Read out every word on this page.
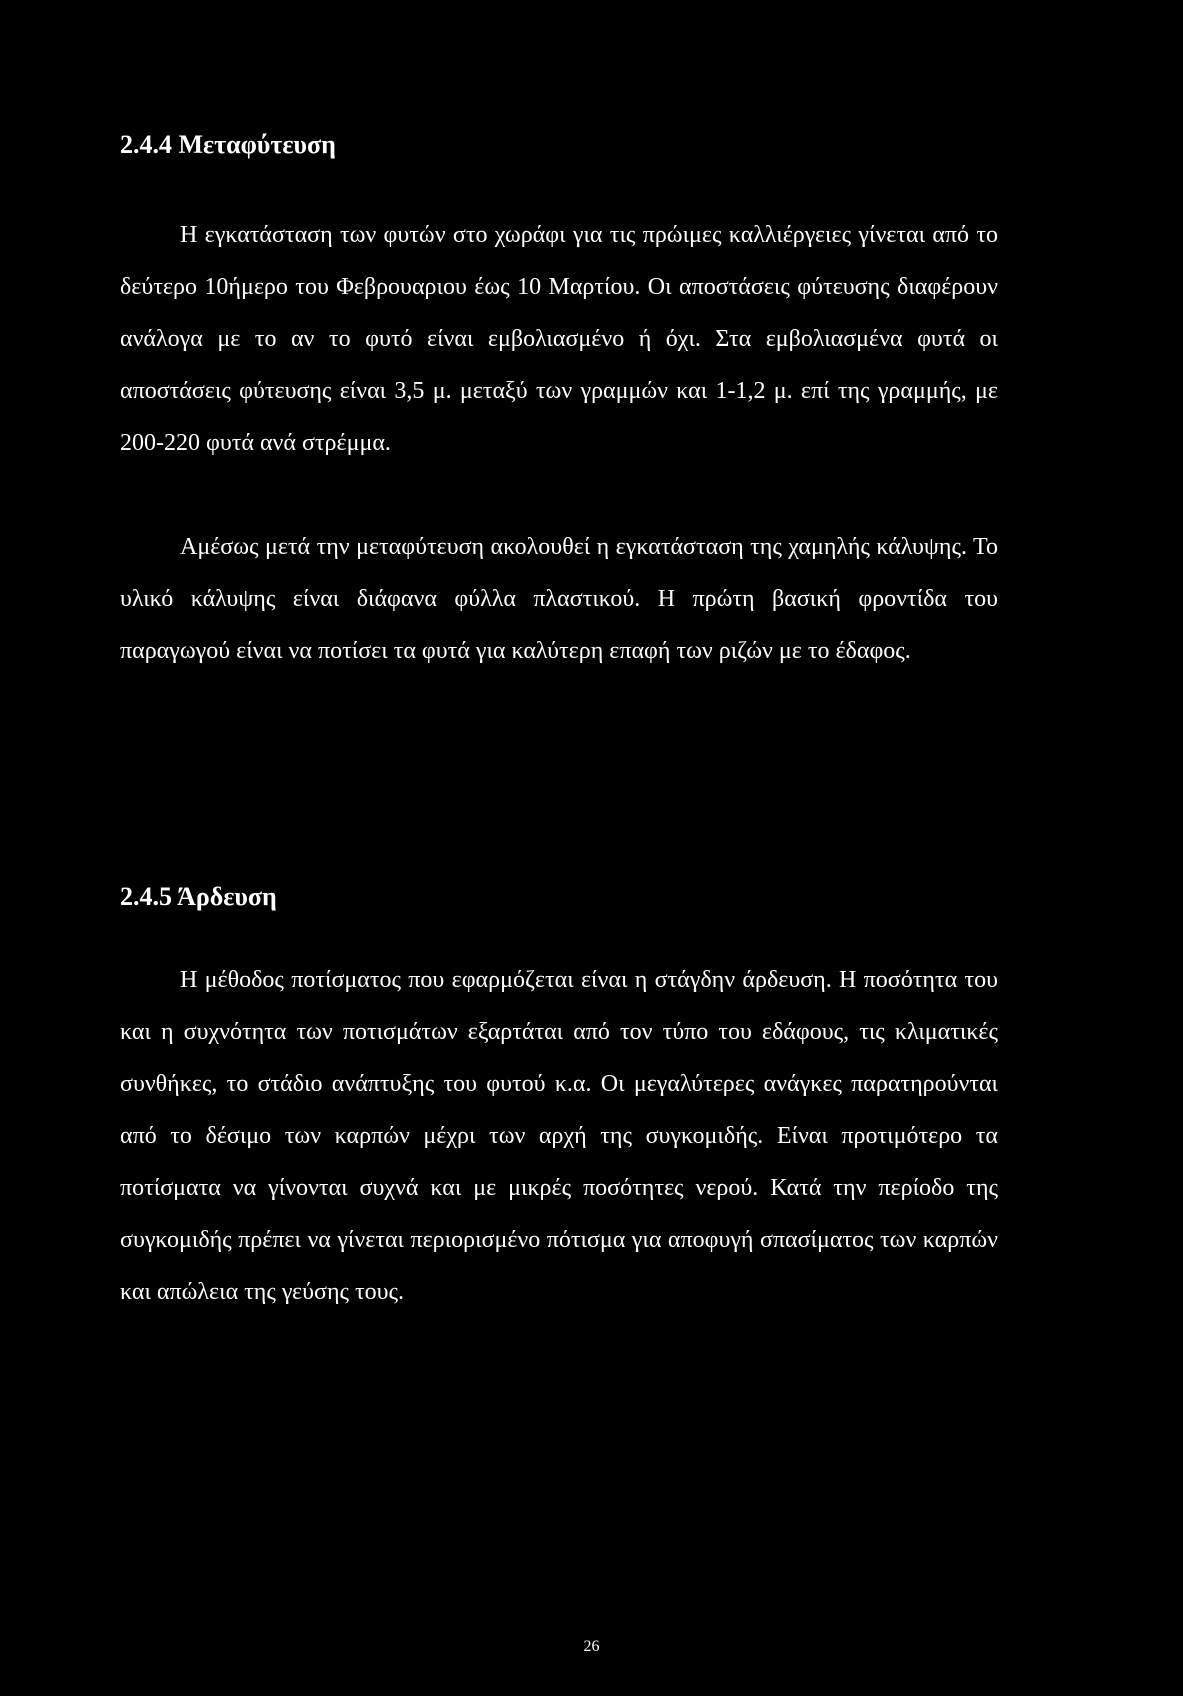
2.4.4 Μεταφύτευση

Η εγκατάσταση των φυτών στο χωράφι για τις πρώιμες καλλιέργειες γίνεται από το δεύτερο 10ήμερο του Φεβρουαριου έως 10 Μαρτίου. Οι αποστάσεις φύτευσης διαφέρουν ανάλογα με το αν το φυτό είναι εμβολιασμένο ή όχι. Στα εμβολιασμένα φυτά οι αποστάσεις φύτευσης είναι 3,5 μ. μεταξύ των γραμμών και 1-1,2 μ. επί της γραμμής, με 200-220 φυτά ανά στρέμμα.

Αμέσως μετά την μεταφύτευση ακολουθεί η εγκατάσταση της χαμηλής κάλυψης. Το υλικό κάλυψης είναι διάφανα φύλλα πλαστικού. Η πρώτη βασική φροντίδα του παραγωγού είναι να ποτίσει τα φυτά για καλύτερη επαφή των ριζών με το έδαφος.

2.4.5 Άρδευση

Η μέθοδος ποτίσματος που εφαρμόζεται είναι η στάγδην άρδευση. Η ποσότητα του και η συχνότητα των ποτισμάτων εξαρτάται από τον τύπο του εδάφους, τις κλιματικές συνθήκες, το στάδιο ανάπτυξης του φυτού κ.α. Οι μεγαλύτερες ανάγκες παρατηρούνται από το δέσιμο των καρπών μέχρι των αρχή της συγκομιδής. Είναι προτιμότερο τα ποτίσματα να γίνονται συχνά και με μικρές ποσότητες νερού. Κατά την περίοδο της συγκομιδής πρέπει να γίνεται περιορισμένο πότισμα για αποφυγή σπασίματος των καρπών και απώλεια της γεύσης τους.

26
